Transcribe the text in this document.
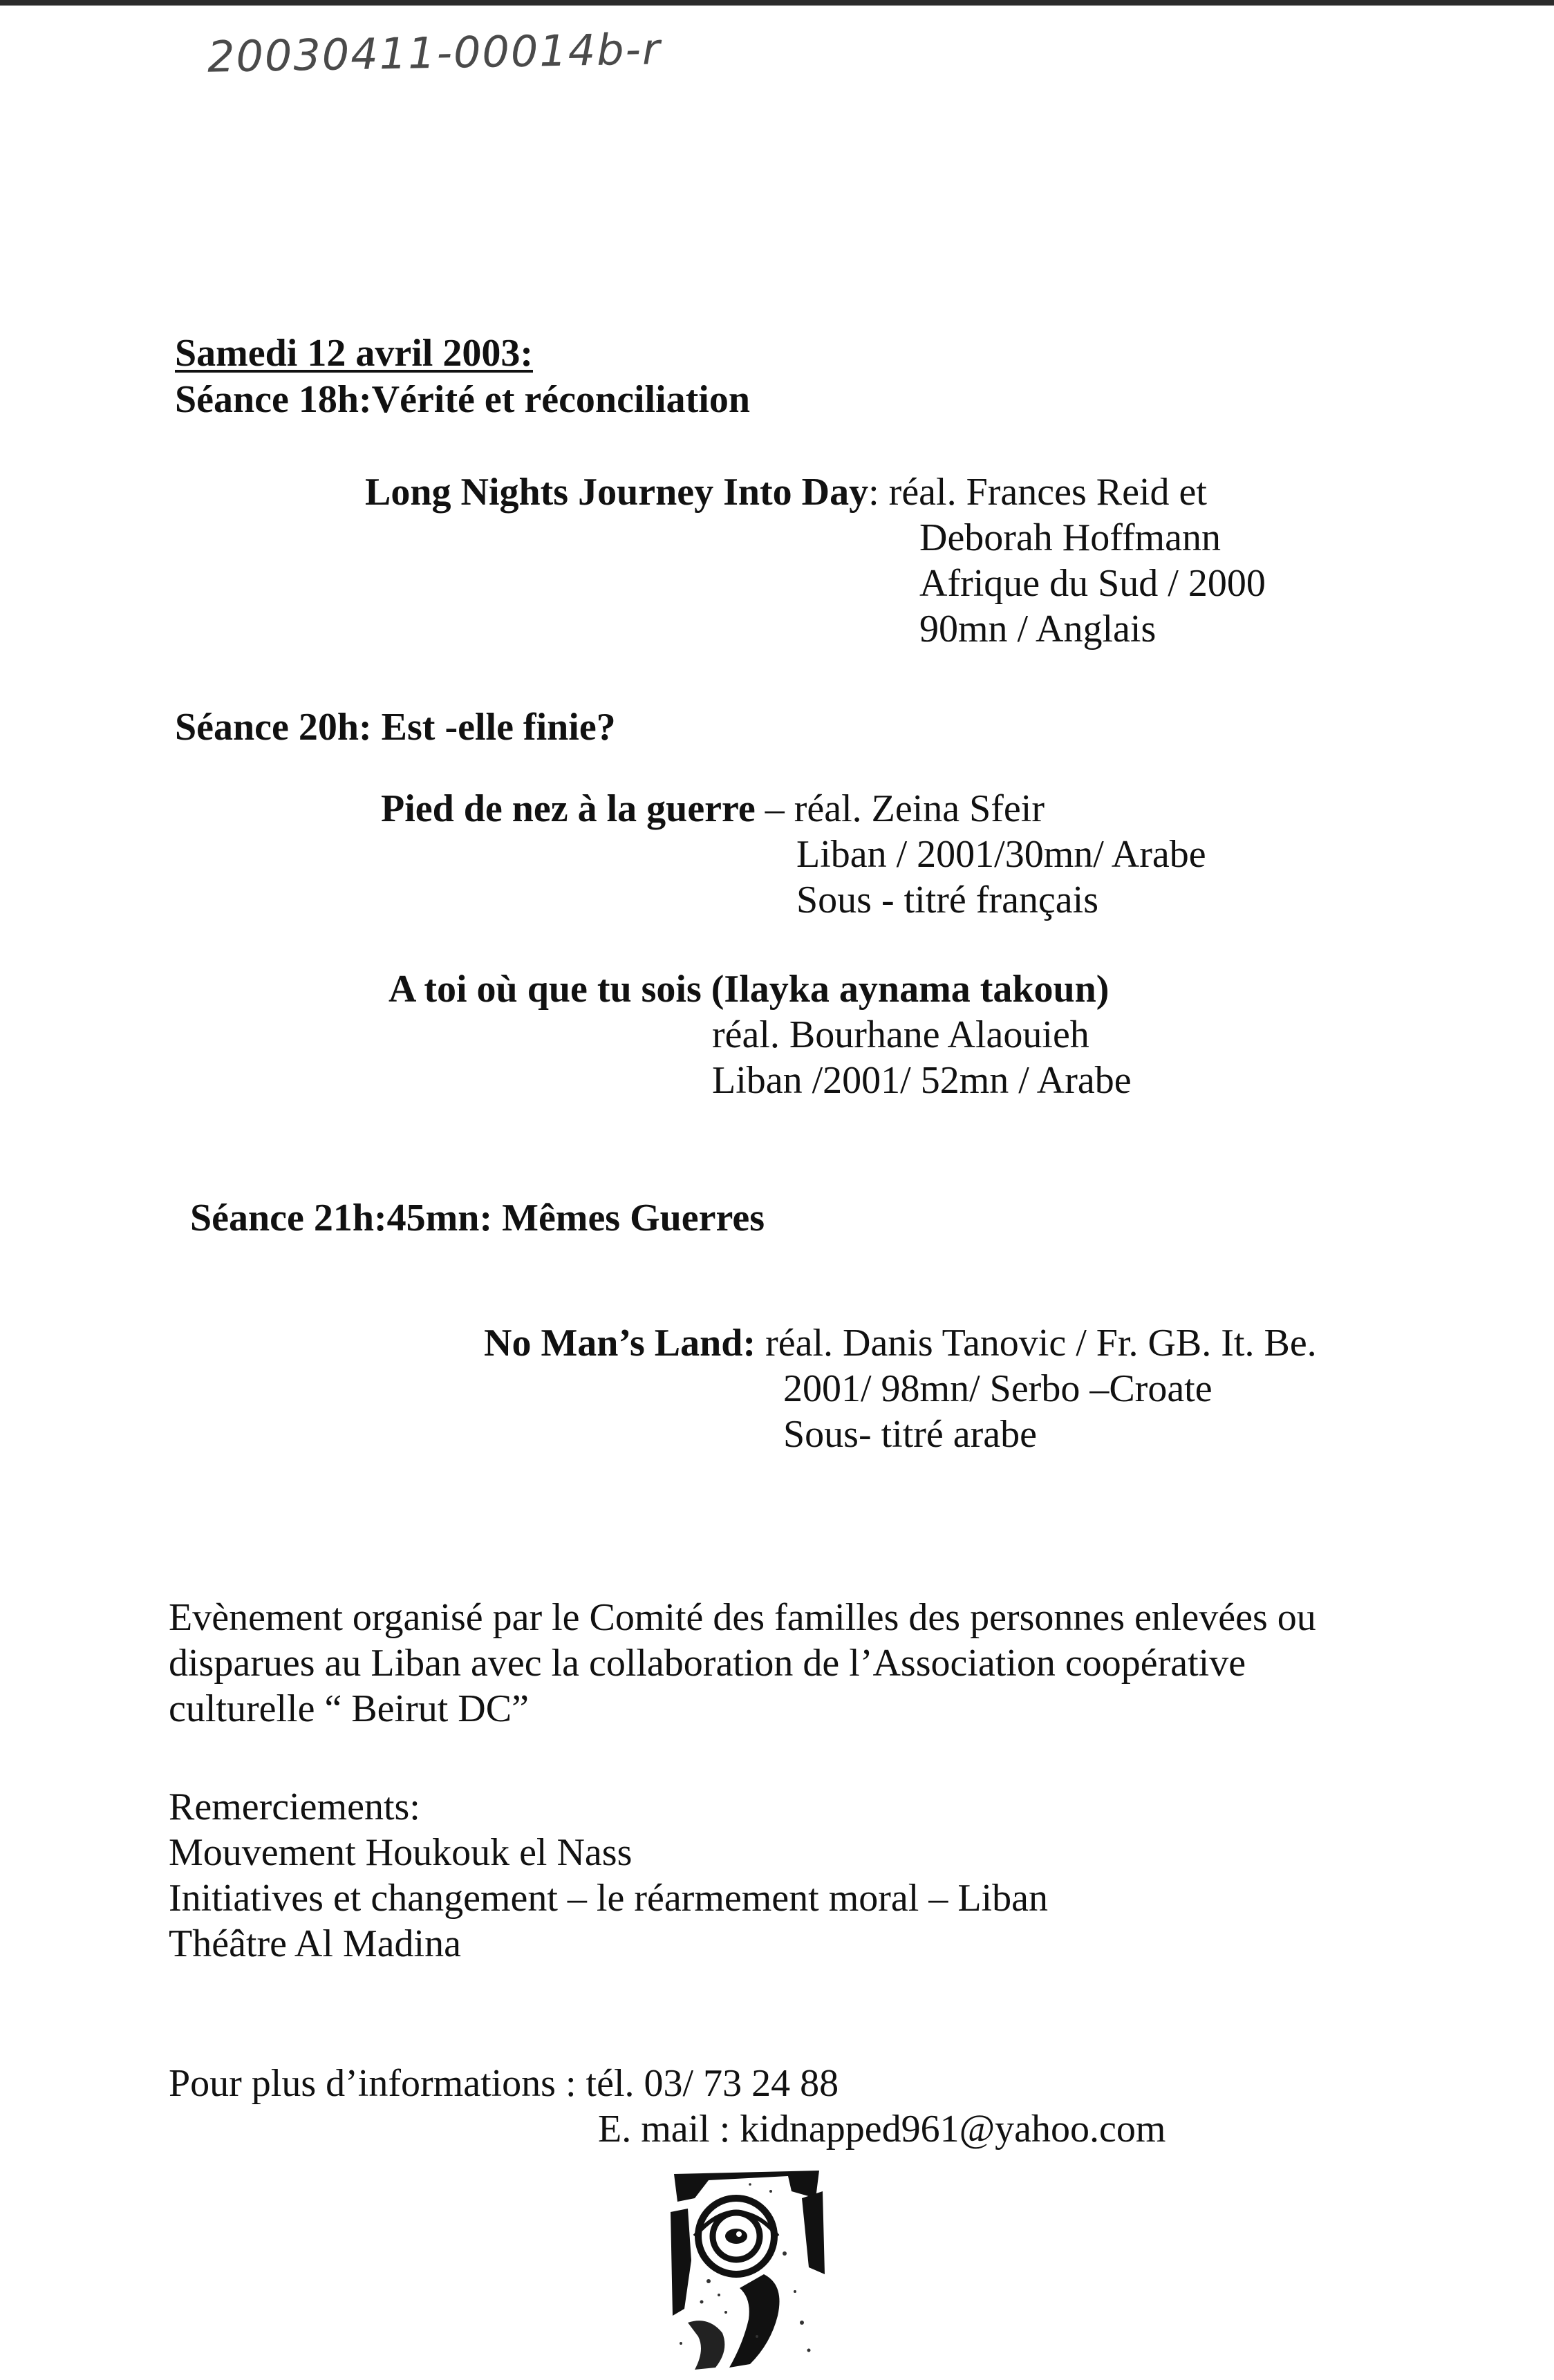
20030411-00014b-r
Samedi 12 avril 2003:
Séance 18h:Vérité et réconciliation
Long Nights Journey Into Day: réal. Frances Reid et
Deborah Hoffmann
Afrique du Sud / 2000
90mn / Anglais
Séance 20h: Est -elle finie?
Pied de nez à la guerre – réal. Zeina Sfeir
Liban / 2001/30mn/ Arabe
Sous - titré français
A toi où que tu sois (Ilayka aynama takoun)
réal. Bourhane Alaouieh
Liban /2001/ 52mn / Arabe
Séance 21h:45mn: Mêmes Guerres
No Man’s Land: réal. Danis Tanovic / Fr. GB. It. Be.
2001/ 98mn/ Serbo –Croate
Sous- titré arabe
Evènement organisé par le Comité des familles des personnes enlevées ou
disparues au Liban avec la collaboration de l’Association coopérative
culturelle “ Beirut DC”
Remerciements:
Mouvement Houkouk el Nass
Initiatives et changement – le réarmement moral – Liban
Théâtre Al Madina
Pour plus d’informations : tél. 03/ 73 24 88
E. mail : kidnapped961@yahoo.com
